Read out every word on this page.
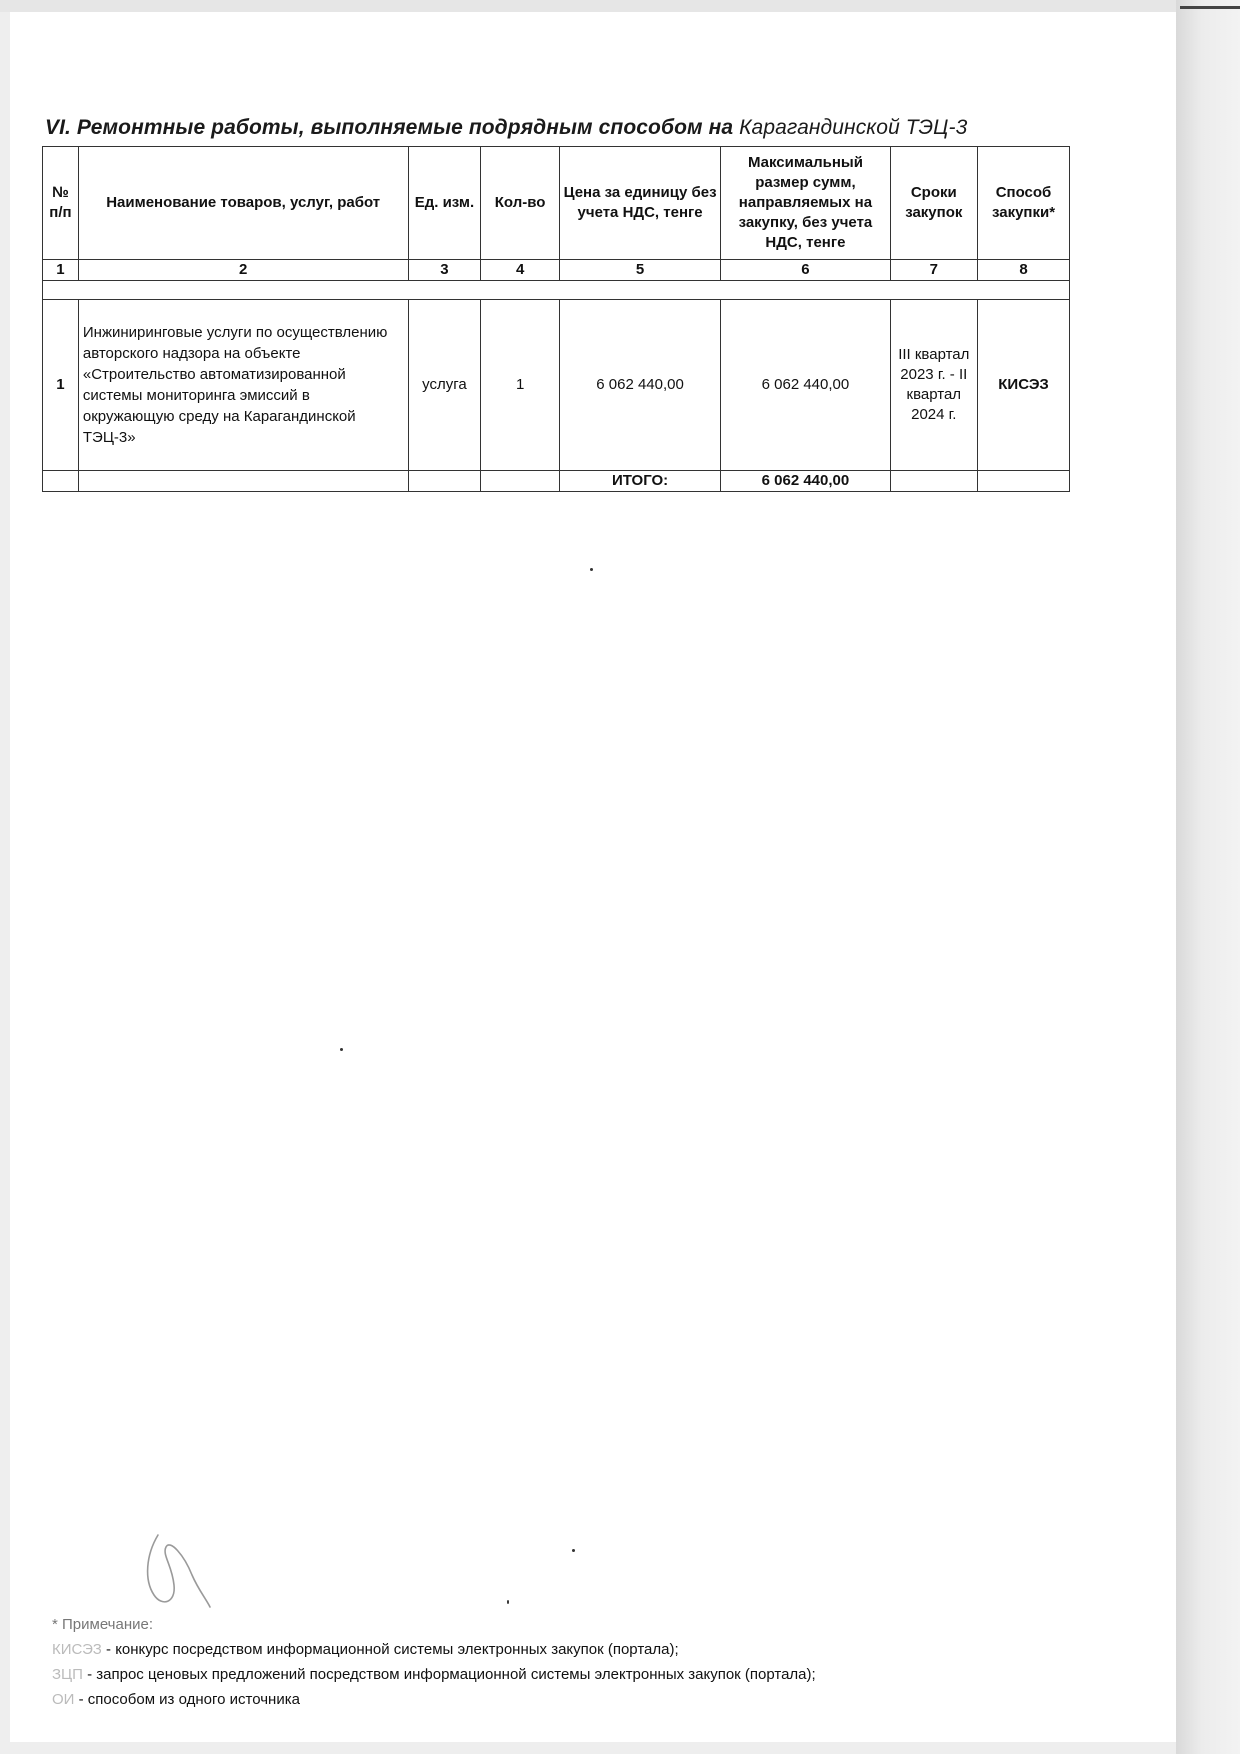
VI. Ремонтные работы, выполняемые подрядным способом на Карагандинской ТЭЦ-3
№ п/п	Наименование товаров, услуг, работ	Ед. изм.	Кол-во	Цена за единицу без учета НДС, тенге	Максимальный размер сумм, направляемых на закупку, без учета НДС, тенге	Сроки закупок	Способ закупки*
1	2	3	4	5	6	7	8

1	Инжиниринговые услуги по осуществлению авторского надзора на объекте «Строительство автоматизированной системы мониторинга эмиссий в окружающую среду на Карагандинской ТЭЦ-3»	услуга	1	6 062 440,00	6 062 440,00	III квартал 2023 г. - II квартал 2024 г.	КИСЭЗ
				ИТОГО:	6 062 440,00		
* Примечание:
КИСЭЗ - конкурс посредством информационной системы электронных закупок (портала);
ЗЦП - запрос ценовых предложений посредством информационной системы электронных закупок (портала);
ОИ - способом из одного источника
